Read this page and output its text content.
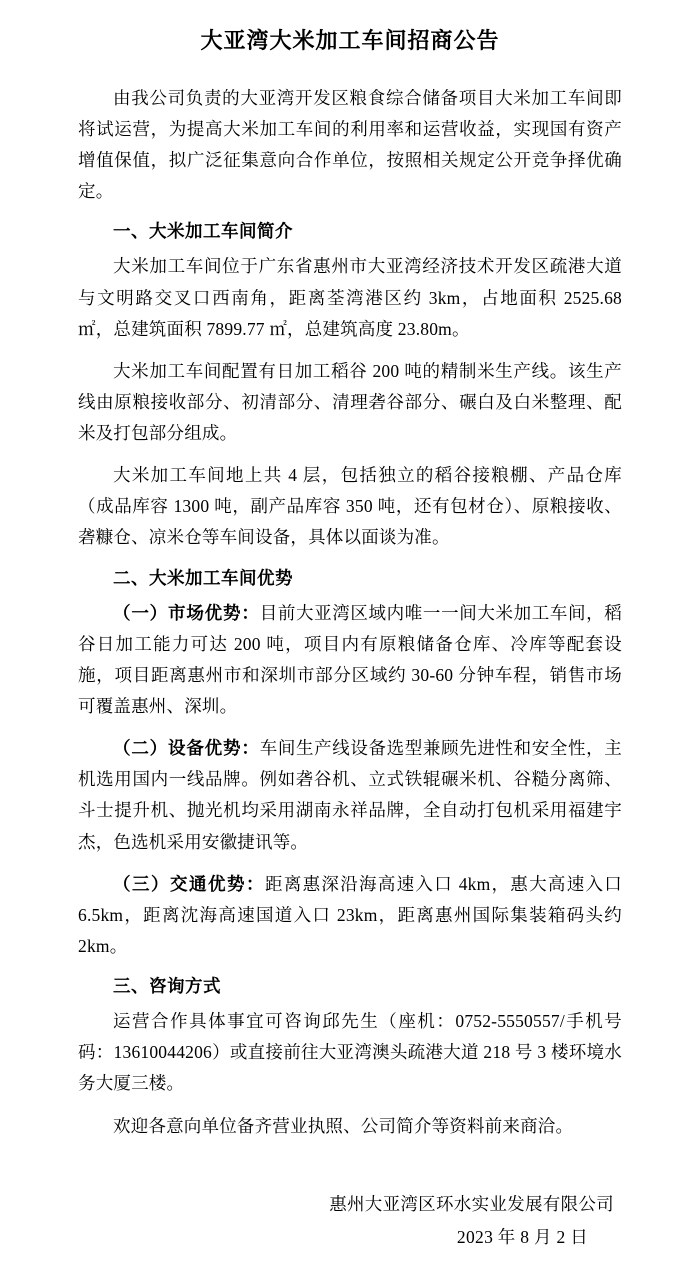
大亚湾大米加工车间招商公告

由我公司负责的大亚湾开发区粮食综合储备项目大米加工车间即将试运营，为提高大米加工车间的利用率和运营收益，实现国有资产增值保值，拟广泛征集意向合作单位，按照相关规定公开竞争择优确定。

一、大米加工车间简介

大米加工车间位于广东省惠州市大亚湾经济技术开发区疏港大道与文明路交叉口西南角，距离荃湾港区约 3km，占地面积 2525.68 ㎡，总建筑面积 7899.77 ㎡，总建筑高度 23.80m。

大米加工车间配置有日加工稻谷 200 吨的精制米生产线。该生产线由原粮接收部分、初清部分、清理砻谷部分、碾白及白米整理、配米及打包部分组成。

大米加工车间地上共 4 层，包括独立的稻谷接粮棚、产品仓库（成品库容 1300 吨，副产品库容 350 吨，还有包材仓）、原粮接收、砻糠仓、凉米仓等车间设备，具体以面谈为准。

二、大米加工车间优势

（一）市场优势：目前大亚湾区域内唯一一间大米加工车间，稻谷日加工能力可达 200 吨，项目内有原粮储备仓库、冷库等配套设施，项目距离惠州市和深圳市部分区域约 30-60 分钟车程，销售市场可覆盖惠州、深圳。

（二）设备优势：车间生产线设备选型兼顾先进性和安全性，主机选用国内一线品牌。例如砻谷机、立式铁辊碾米机、谷糙分离筛、斗士提升机、抛光机均采用湖南永祥品牌，全自动打包机采用福建宇杰，色选机采用安徽捷讯等。

（三）交通优势：距离惠深沿海高速入口 4km，惠大高速入口 6.5km，距离沈海高速国道入口 23km，距离惠州国际集装箱码头约 2km。

三、咨询方式

运营合作具体事宜可咨询邱先生（座机：0752-5550557/手机号码：13610044206）或直接前往大亚湾澳头疏港大道 218 号 3 楼环境水务大厦三楼。

欢迎各意向单位备齐营业执照、公司简介等资料前来商洽。

惠州大亚湾区环水实业发展有限公司
2023 年 8 月 2 日
